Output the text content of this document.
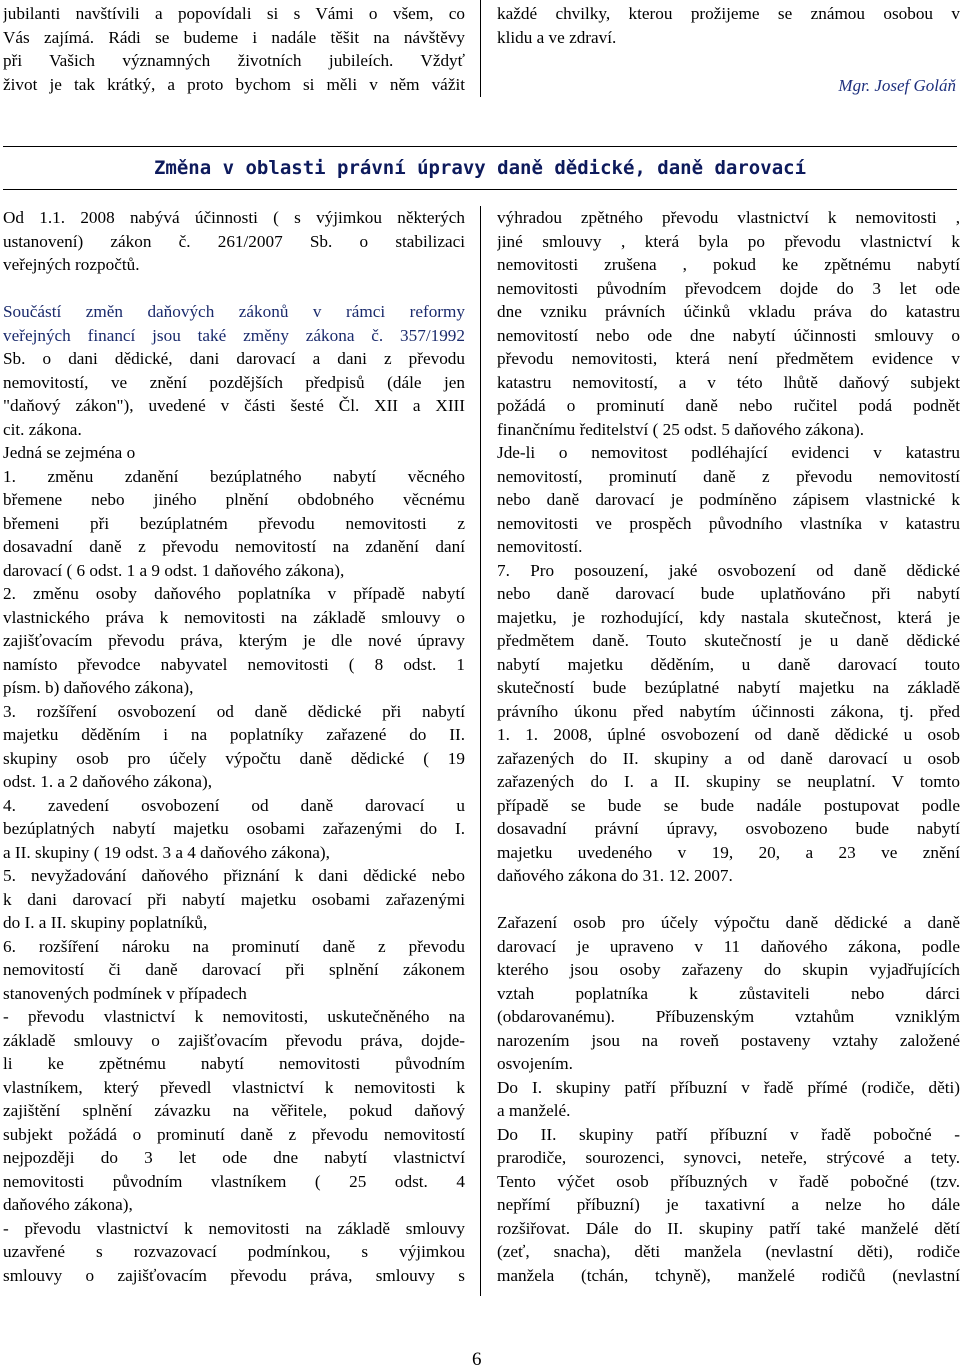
jubilanti navštívili a popovídali si s Vámi o všem, co
Vás zajímá. Rádi se budeme i nadále těšit na návštěvy
při Vašich významných životních jubileích. Vždyť
život je tak krátký, a proto bychom si měli v něm vážit
každé chvilky, kterou prožijeme se známou osobou v
klidu a ve zdraví.
Mgr. Josef Goláň
Změna v oblasti právní úpravy daně dědické, daně darovací
Od 1.1. 2008 nabývá účinnosti ( s výjimkou některých
ustanovení) zákon č. 261/2007 Sb. o stabilizaci
veřejných rozpočtů.
Součástí změn daňových zákonů v rámci reformy
veřejných financí jsou také změny zákona č. 357/1992
Sb. o dani dědické, dani darovací a dani z převodu
nemovitostí, ve znění pozdějších předpisů (dále jen
"daňový zákon"), uvedené v části šesté Čl. XII a XIII
cit. zákona.
Jedná se zejména o
1. změnu zdanění bezúplatného nabytí věcného
břemene nebo jiného plnění obdobného věcnému
břemeni při bezúplatném převodu nemovitosti z
dosavadní daně z převodu nemovitostí na zdanění daní
darovací ( 6 odst. 1 a 9 odst. 1 daňového zákona),
2. změnu osoby daňového poplatníka v případě nabytí
vlastnického práva k nemovitosti na základě smlouvy o
zajišťovacím převodu práva, kterým je dle nové úpravy
namísto převodce nabyvatel nemovitosti ( 8 odst. 1
písm. b) daňového zákona),
3. rozšíření osvobození od daně dědické při nabytí
majetku děděním i na poplatníky zařazené do II.
skupiny osob pro účely výpočtu daně dědické ( 19
odst. 1. a 2 daňového zákona),
4. zavedení osvobození od daně darovací u
bezúplatných nabytí majetku osobami zařazenými do I.
a II. skupiny ( 19 odst. 3 a 4 daňového zákona),
5. nevyžadování daňového přiznání k dani dědické nebo
k dani darovací při nabytí majetku osobami zařazenými
do I. a II. skupiny poplatníků,
6. rozšíření nároku na prominutí daně z převodu
nemovitostí či daně darovací při splnění zákonem
stanovených podmínek v případech
- převodu vlastnictví k nemovitosti, uskutečněného na
základě smlouvy o zajišťovacím převodu práva, dojde-
li ke zpětnému nabytí nemovitosti původním
vlastníkem, který převedl vlastnictví k nemovitosti k
zajištění splnění závazku na věřitele, pokud daňový
subjekt požádá o prominutí daně z převodu nemovitostí
nejpozději do 3 let ode dne nabytí vlastnictví
nemovitosti původním vlastníkem ( 25 odst. 4
daňového zákona),
- převodu vlastnictví k nemovitosti na základě smlouvy
uzavřené s rozvazovací podmínkou, s výjimkou
smlouvy o zajišťovacím převodu práva, smlouvy s
výhradou zpětného převodu vlastnictví k nemovitosti ,
jiné smlouvy , která byla po převodu vlastnictví k
nemovitosti zrušena , pokud ke zpětnému nabytí
nemovitosti původním převodcem dojde do 3 let ode
dne vzniku právních účinků vkladu práva do katastru
nemovitostí nebo ode dne nabytí účinnosti smlouvy o
převodu nemovitosti, která není předmětem evidence v
katastru nemovitostí, a v této lhůtě daňový subjekt
požádá o prominutí daně nebo ručitel podá podnět
finančnímu ředitelství ( 25 odst. 5 daňového zákona).
Jde-li o nemovitost podléhající evidenci v katastru
nemovitostí, prominutí daně z převodu nemovitostí
nebo daně darovací je podmíněno zápisem vlastnické k
nemovitosti ve prospěch původního vlastníka v katastru
nemovitostí.
7. Pro posouzení, jaké osvobození od daně dědické
nebo daně darovací bude uplatňováno při nabytí
majetku, je rozhodující, kdy nastala skutečnost, která je
předmětem daně. Touto skutečností je u daně dědické
nabytí majetku děděním, u daně darovací touto
skutečností bude bezúplatné nabytí majetku na základě
právního úkonu před nabytím účinnosti zákona, tj. před
1. 1. 2008, úplné osvobození od daně dědické u osob
zařazených do II. skupiny a od daně darovací u osob
zařazených do I. a II. skupiny se neuplatní. V tomto
případě se bude se bude nadále postupovat podle
dosavadní právní úpravy, osvobozeno bude nabytí
majetku uvedeného v 19, 20, a 23 ve znění
daňového zákona do 31. 12. 2007.
Zařazení osob pro účely výpočtu daně dědické a daně
darovací je upraveno v 11 daňového zákona, podle
kterého jsou osoby zařazeny do skupin vyjadřujících
vztah poplatníka k zůstaviteli nebo dárci
(obdarovanému). Příbuzenským vztahům vzniklým
narozením jsou na roveň postaveny vztahy založené
osvojením.
Do I. skupiny patří příbuzní v řadě přímé (rodiče, děti)
a manželé.
Do II. skupiny patří příbuzní v řadě pobočné -
prarodiče, sourozenci, synovci, neteře, strýcové a tety.
Tento výčet osob příbuzných v řadě pobočné (tzv.
nepřímí příbuzní) je taxativní a nelze ho dále
rozšiřovat. Dále do II. skupiny patří také manželé dětí
(zeť, snacha), děti manžela (nevlastní děti), rodiče
manžela (tchán, tchyně), manželé rodičů (nevlastní
6
